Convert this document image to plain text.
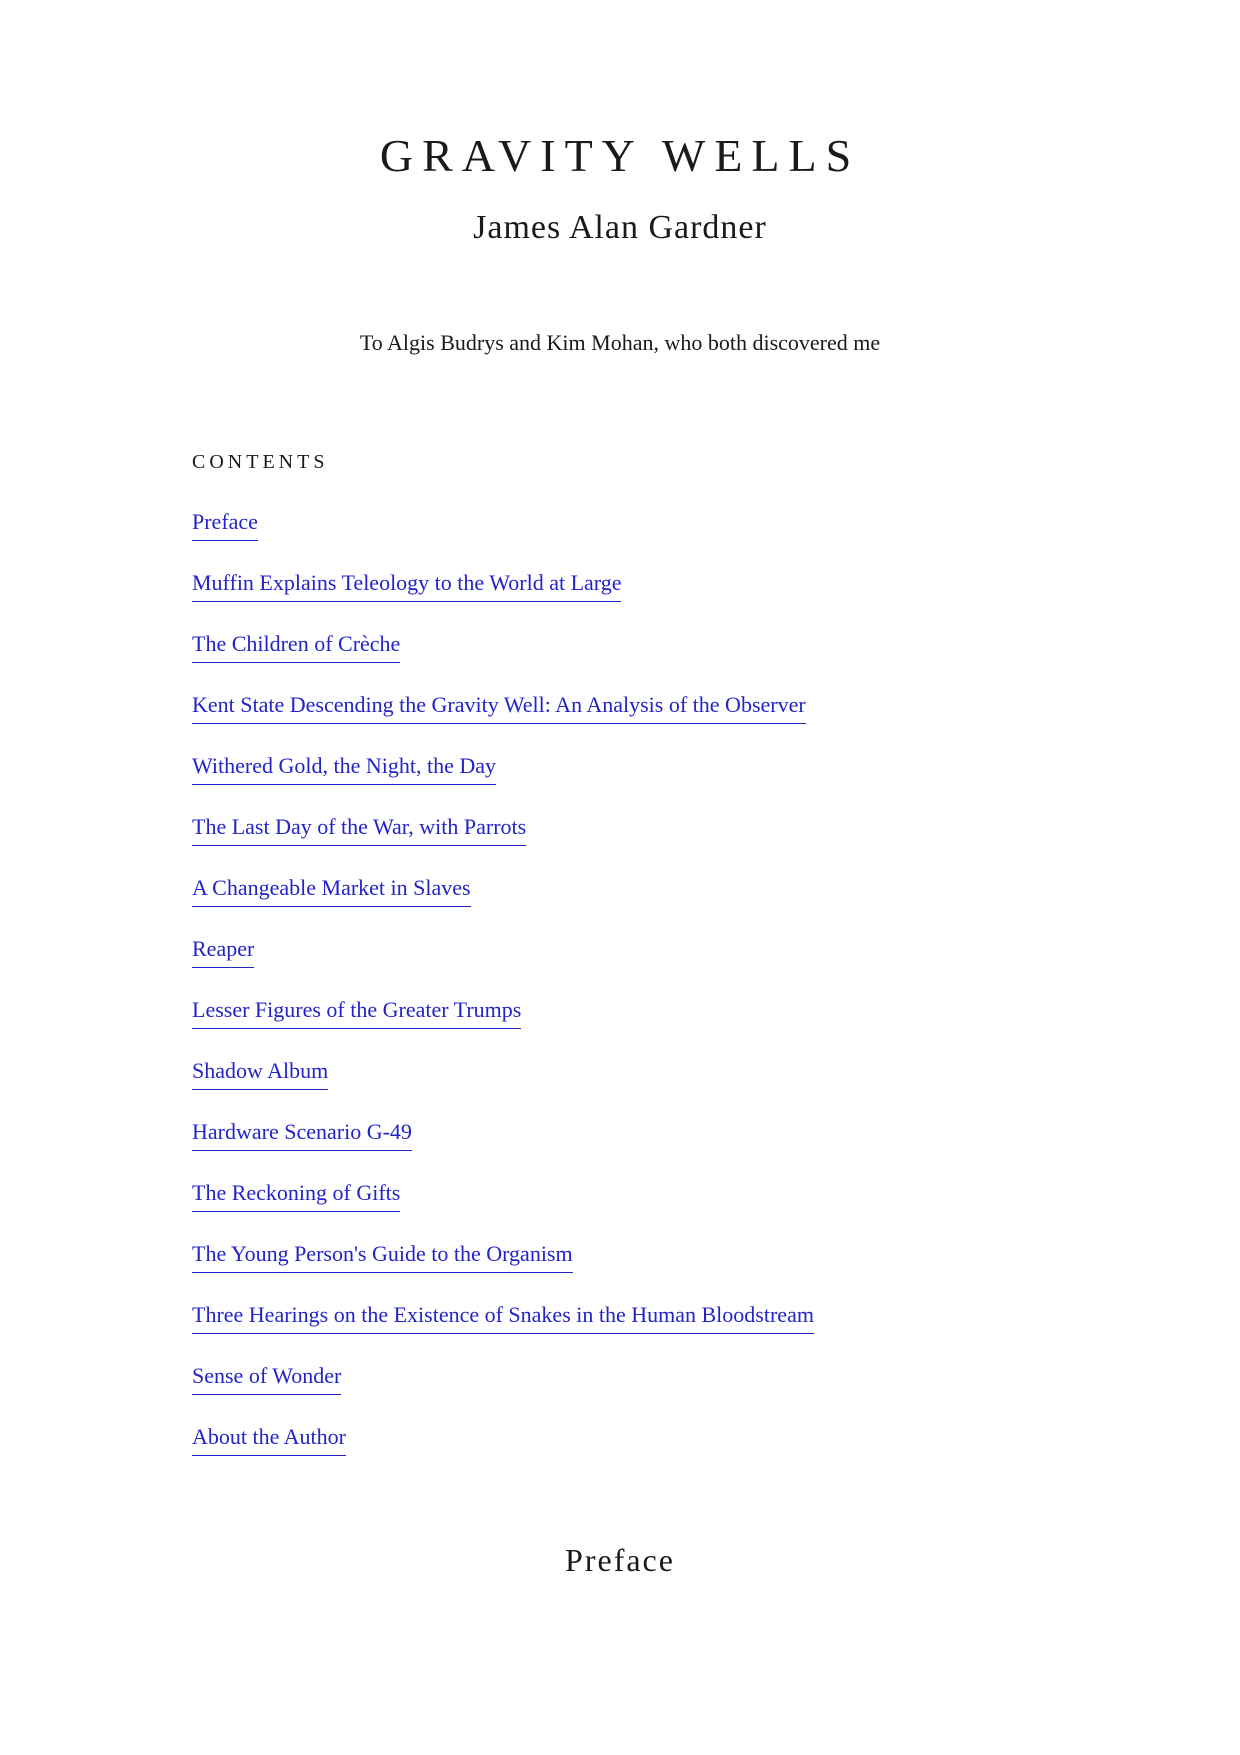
GRAVITY WELLS
James Alan Gardner
To Algis Budrys and Kim Mohan, who both discovered me
CONTENTS
Preface
Muffin Explains Teleology to the World at Large
The Children of Crèche
Kent State Descending the Gravity Well: An Analysis of the Observer
Withered Gold, the Night, the Day
The Last Day of the War, with Parrots
A Changeable Market in Slaves
Reaper
Lesser Figures of the Greater Trumps
Shadow Album
Hardware Scenario G-49
The Reckoning of Gifts
The Young Person's Guide to the Organism
Three Hearings on the Existence of Snakes in the Human Bloodstream
Sense of Wonder
About the Author
Preface
